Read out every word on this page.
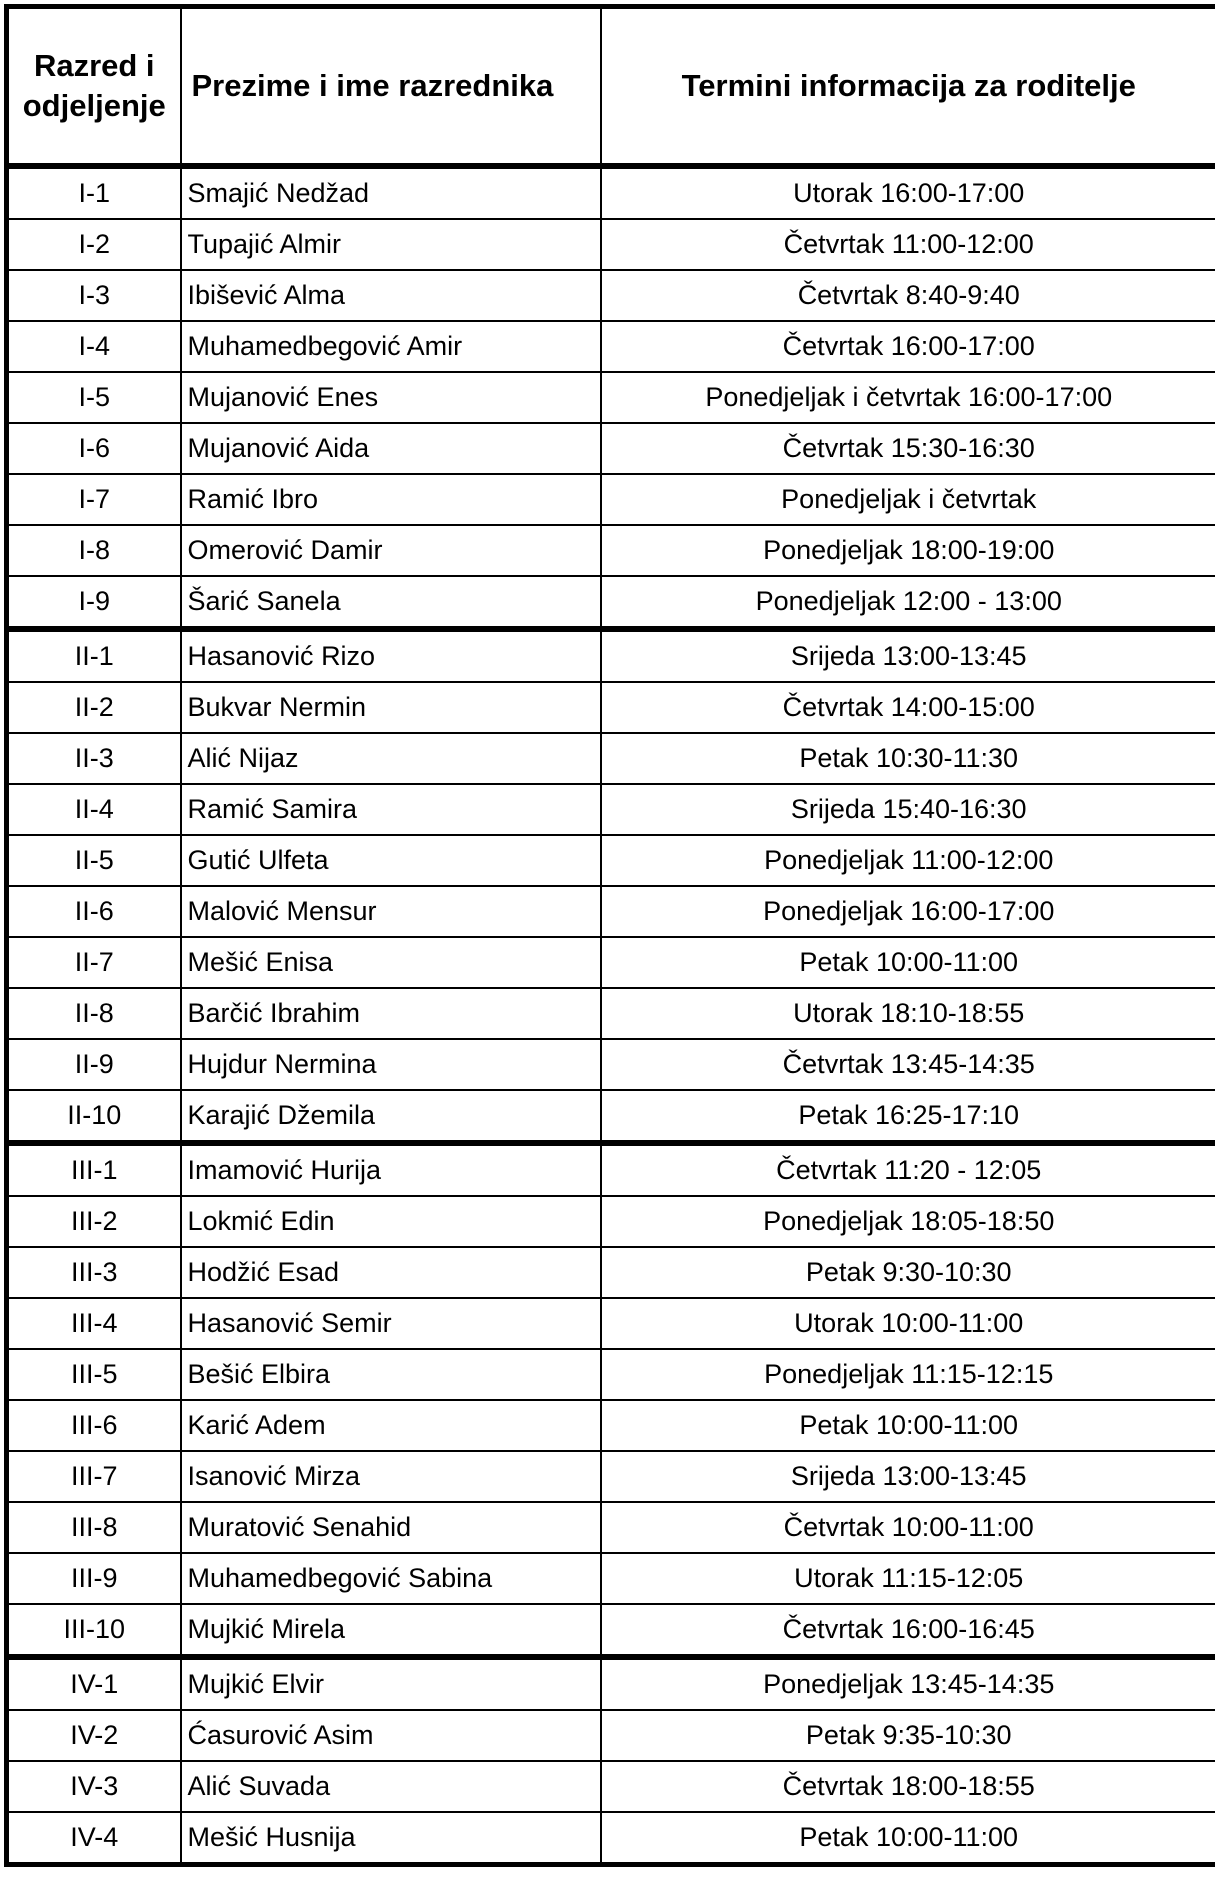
Razred i odjeljenje	Prezime i ime razrednika	Termini informacija za roditelje
I-1	Smajić Nedžad	Utorak 16:00-17:00
I-2	Tupajić Almir	Četvrtak 11:00-12:00
I-3	Ibišević Alma	Četvrtak 8:40-9:40
I-4	Muhamedbegović Amir	Četvrtak 16:00-17:00
I-5	Mujanović Enes	Ponedjeljak i četvrtak 16:00-17:00
I-6	Mujanović Aida	Četvrtak 15:30-16:30
I-7	Ramić Ibro	Ponedjeljak i četvrtak
I-8	Omerović Damir	Ponedjeljak 18:00-19:00
I-9	Šarić Sanela	Ponedjeljak 12:00 - 13:00
II-1	Hasanović Rizo	Srijeda 13:00-13:45
II-2	Bukvar Nermin	Četvrtak 14:00-15:00
II-3	Alić Nijaz	Petak 10:30-11:30
II-4	Ramić Samira	Srijeda 15:40-16:30
II-5	Gutić Ulfeta	Ponedjeljak 11:00-12:00
II-6	Malović Mensur	Ponedjeljak 16:00-17:00
II-7	Mešić Enisa	Petak 10:00-11:00
II-8	Barčić Ibrahim	Utorak 18:10-18:55
II-9	Hujdur Nermina	Četvrtak 13:45-14:35
II-10	Karajić Džemila	Petak 16:25-17:10
III-1	Imamović Hurija	Četvrtak 11:20 - 12:05
III-2	Lokmić Edin	Ponedjeljak 18:05-18:50
III-3	Hodžić Esad	Petak 9:30-10:30
III-4	Hasanović Semir	Utorak 10:00-11:00
III-5	Bešić Elbira	Ponedjeljak 11:15-12:15
III-6	Karić Adem	Petak 10:00-11:00
III-7	Isanović Mirza	Srijeda 13:00-13:45
III-8	Muratović Senahid	Četvrtak 10:00-11:00
III-9	Muhamedbegović Sabina	Utorak 11:15-12:05
III-10	Mujkić Mirela	Četvrtak 16:00-16:45
IV-1	Mujkić Elvir	Ponedjeljak 13:45-14:35
IV-2	Ćasurović Asim	Petak 9:35-10:30
IV-3	Alić Suvada	Četvrtak 18:00-18:55
IV-4	Mešić Husnija	Petak 10:00-11:00
